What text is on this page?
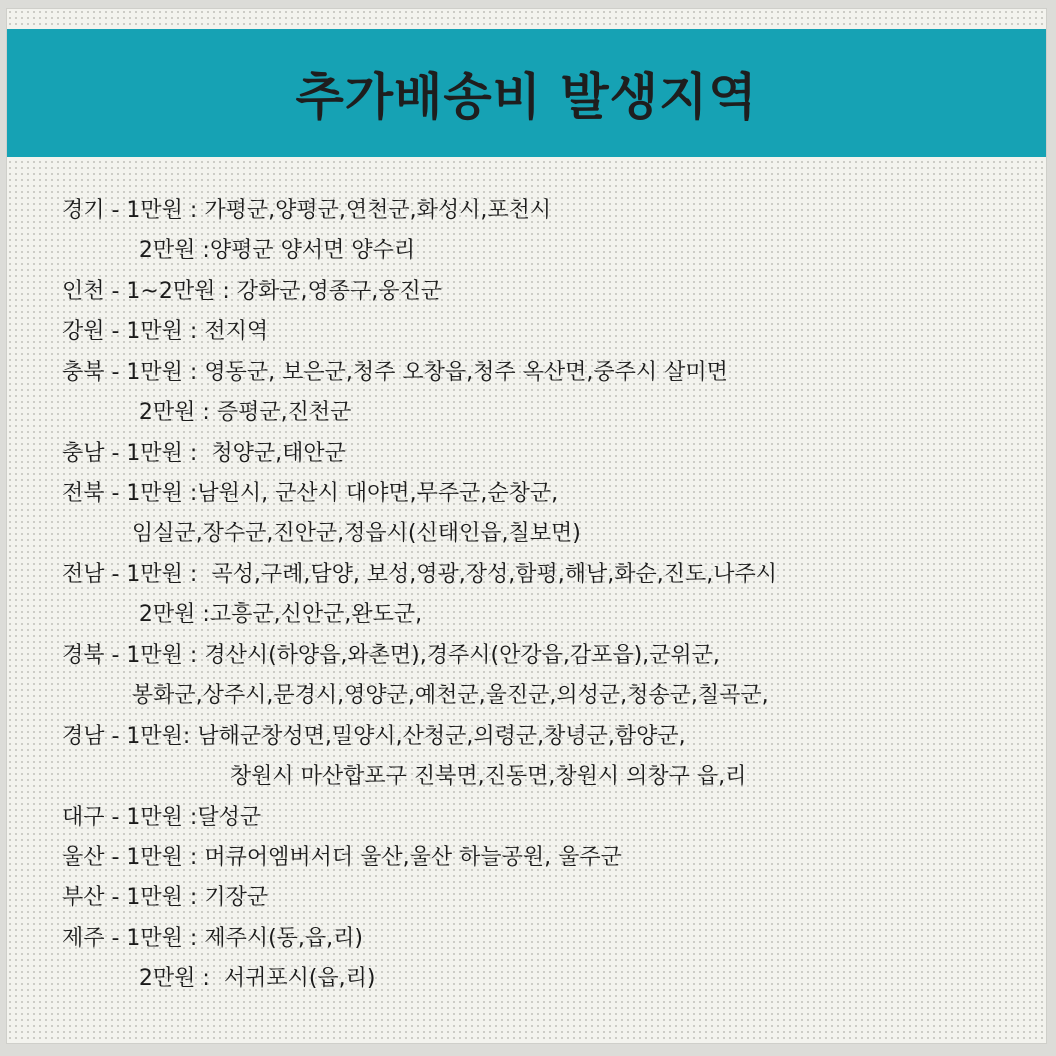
추가배송비 발생지역
경기 - 1만원 : 가평군,양평군,연천군,화성시,포천시
2만원 :양평군 양서면 양수리
인천 - 1~2만원 : 강화군,영종구,웅진군
강원 - 1만원 : 전지역
충북 - 1만원 : 영동군, 보은군,청주 오창읍,청주 옥산면,중주시 살미면
2만원 : 증평군,진천군
충남 - 1만원 :  청양군,태안군
전북 - 1만원 :남원시, 군산시 대야면,무주군,순창군,
임실군,장수군,진안군,정읍시(신태인읍,칠보면)
전남 - 1만원 :  곡성,구례,담양, 보성,영광,장성,함평,해남,화순,진도,나주시
2만원 :고흥군,신안군,완도군,
경북 - 1만원 : 경산시(하양읍,와촌면),경주시(안강읍,감포읍),군위군,
봉화군,상주시,문경시,영양군,예천군,울진군,의성군,청송군,칠곡군,
경남 - 1만원: 남해군창성면,밀양시,산청군,의령군,창녕군,함양군,
창원시 마산합포구 진북면,진동면,창원시 의창구 읍,리
대구 - 1만원 :달성군
울산 - 1만원 : 머큐어엠버서더 울산,울산 하늘공원, 울주군
부산 - 1만원 : 기장군
제주 - 1만원 : 제주시(동,읍,리)
2만원 :  서귀포시(읍,리)
